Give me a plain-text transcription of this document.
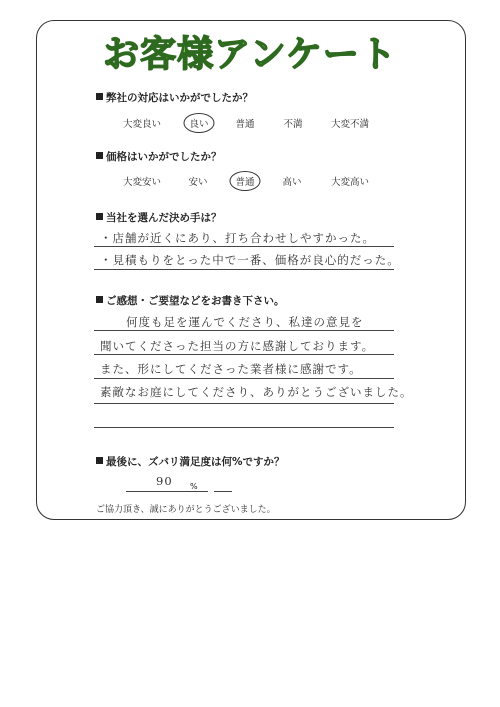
お客様アンケート
弊社の対応はいかがでしたか？
大変良い	良い	普通	不満	大変不満
価格はいかがでしたか？
大変安い	安い	普通	高い	大変高い
当社を選んだ決め手は？
・店舗が近くにあり、打ち合わせしやすかった。
・見積もりをとった中で一番、価格が良心的だった。
ご感想・ご要望などをお書き下さい。
何度も足を運んでくださり、私達の意見を
聞いてくださった担当の方に感謝しております。
また、形にしてくださった業者様に感謝です。
素敵なお庭にしてくださり、ありがとうございました。
最後に、ズバリ満足度は何%ですか？
90 %
ご協力頂き、誠にありがとうございました。
